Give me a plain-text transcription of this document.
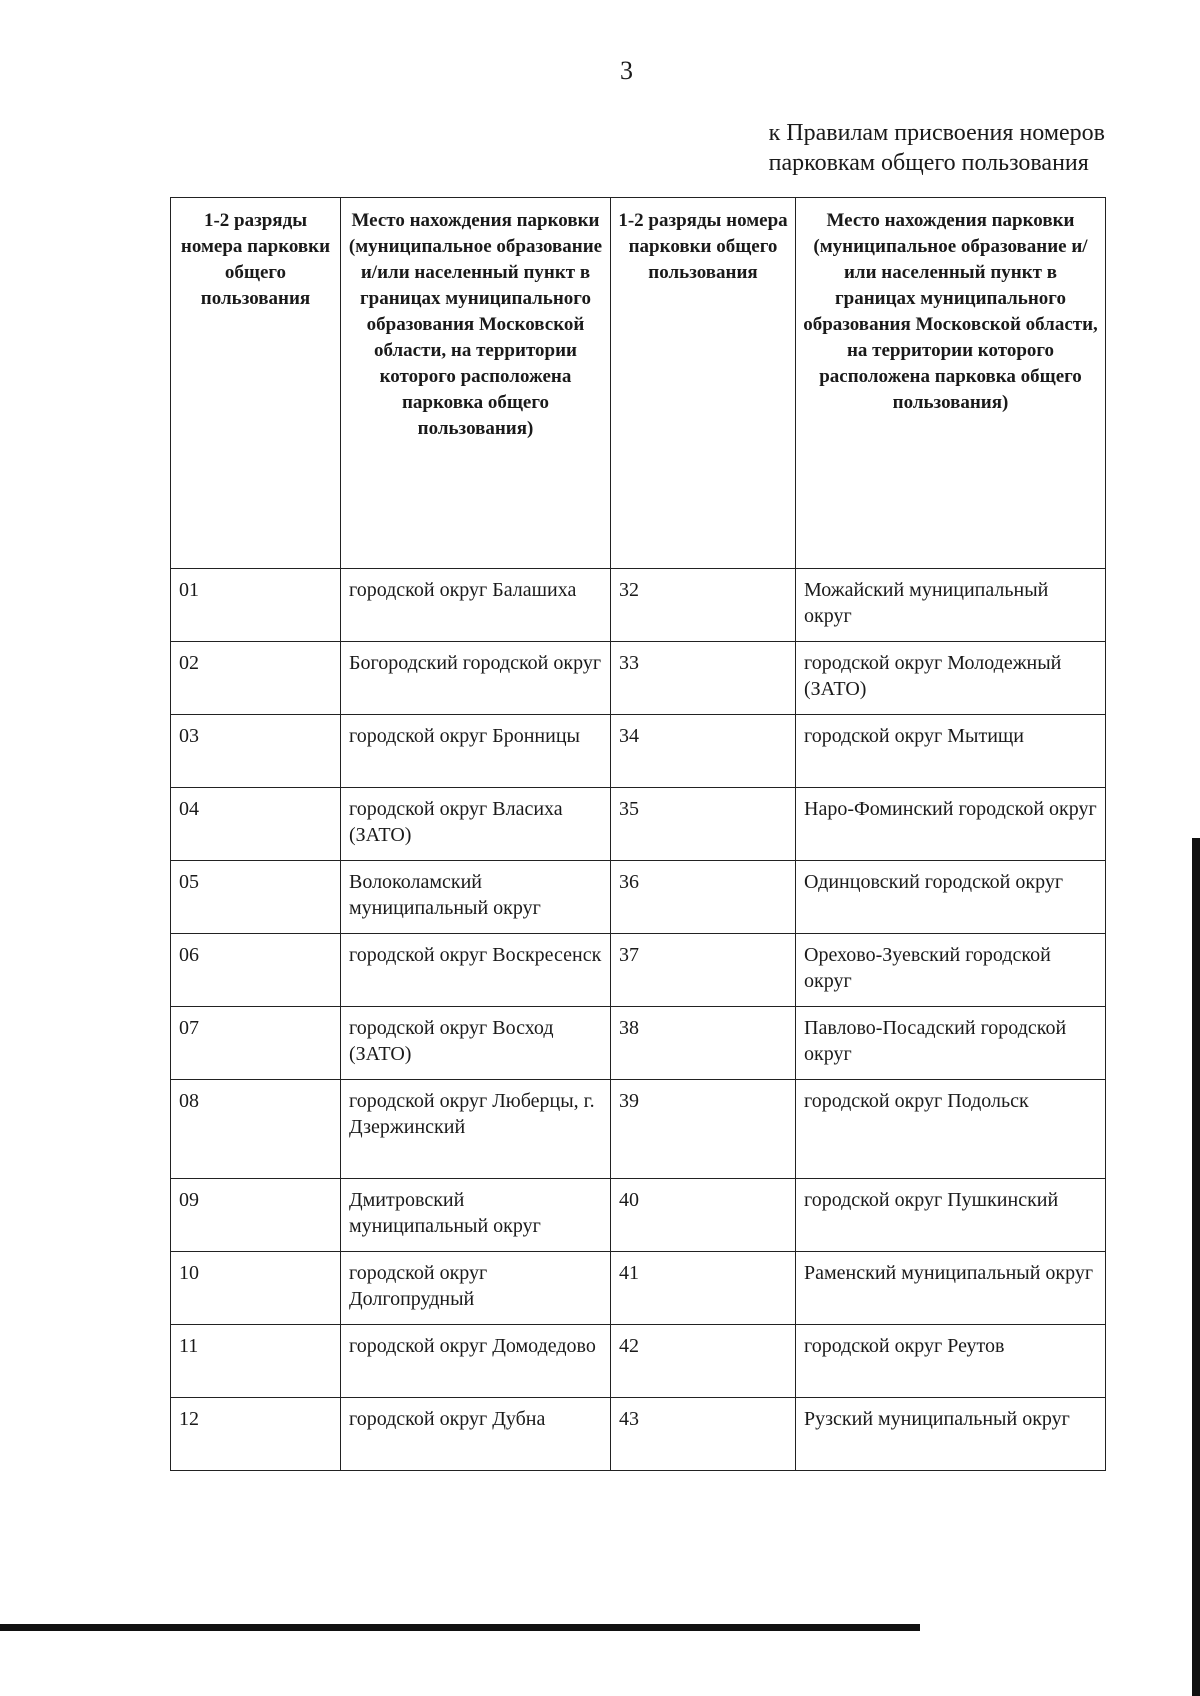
3
к Правилам присвоения номеров
парковкам общего пользования
1-2 разряды номера парковки общего пользования	Место нахождения парковки (муниципальное образование и/или населенный пункт в границах муниципального образования Московской области, на территории которого расположена парковка общего пользования)	1-2 разряды номера парковки общего пользования	Место нахождения парковки (муниципальное образование и/или населенный пункт в границах муниципального образования Московской области, на территории которого расположена парковка общего пользования)
01	городской округ Балашиха	32	Можайский муниципальный округ
02	Богородский городской округ	33	городской округ Молодежный (ЗАТО)
03	городской округ Бронницы	34	городской округ Мытищи
04	городской округ Власиха (ЗАТО)	35	Наро-Фоминский городской округ
05	Волоколамский муниципальный округ	36	Одинцовский городской округ
06	городской округ Воскресенск	37	Орехово-Зуевский городской округ
07	городской округ Восход (ЗАТО)	38	Павлово-Посадский городской округ
08	городской округ Люберцы, г. Дзержинский	39	городской округ Подольск
09	Дмитровский муниципальный округ	40	городской округ Пушкинский
10	городской округ Долгопрудный	41	Раменский муниципальный округ
11	городской округ Домодедово	42	городской округ Реутов
12	городской округ Дубна	43	Рузский муниципальный округ
